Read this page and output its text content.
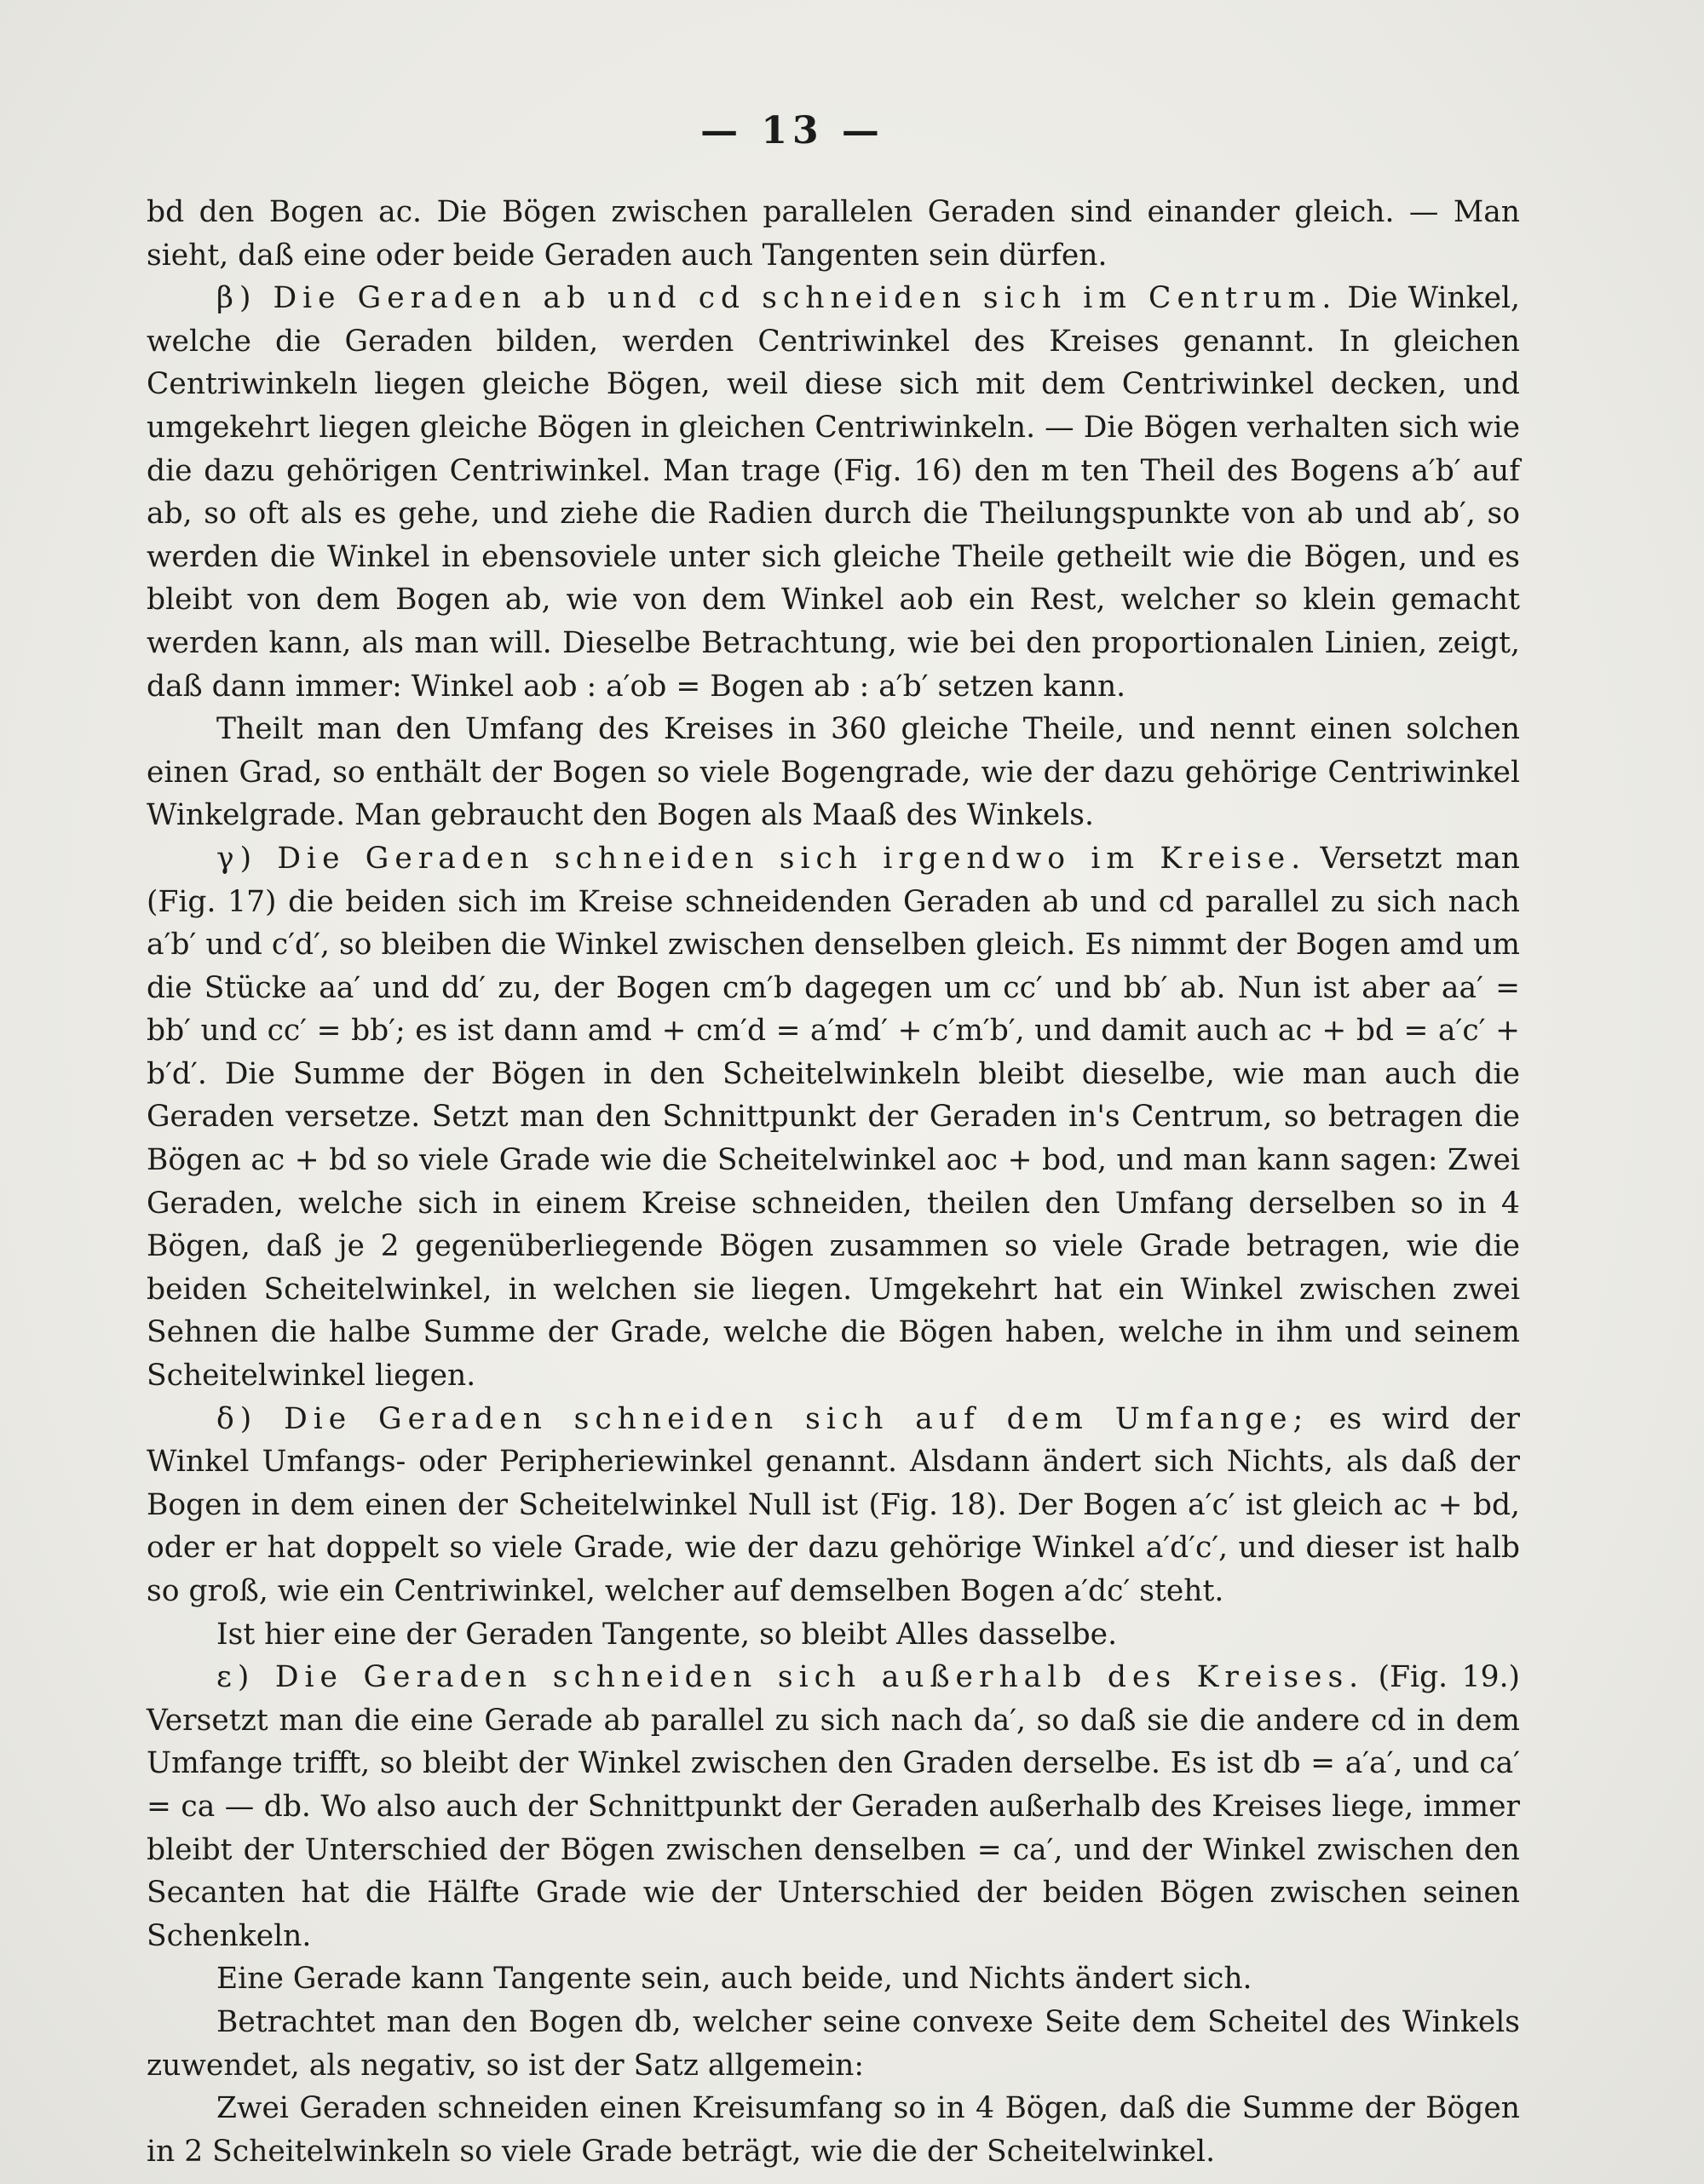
— 13 —

bd den Bogen ac. Die Bögen zwischen parallelen Geraden sind einander gleich. — Man sieht, daß eine oder beide Geraden auch Tangenten sein dürfen.

β) Die Geraden ab und cd schneiden sich im Centrum. Die Winkel, welche die Geraden bilden, werden Centriwinkel des Kreises genannt. In gleichen Centriwinkeln liegen gleiche Bögen, weil diese sich mit dem Centriwinkel decken, und umgekehrt liegen gleiche Bögen in gleichen Centriwinkeln. — Die Bögen verhalten sich wie die dazu gehörigen Centriwinkel. Man trage (Fig. 16) den m ten Theil des Bogens a′b′ auf ab, so oft als es gehe, und ziehe die Radien durch die Theilungspunkte von ab und ab′, so werden die Winkel in ebensoviele unter sich gleiche Theile getheilt wie die Bögen, und es bleibt von dem Bogen ab, wie von dem Winkel aob ein Rest, welcher so klein gemacht werden kann, als man will. Dieselbe Betrachtung, wie bei den proportionalen Linien, zeigt, daß dann immer: Winkel aob : a′ob = Bogen ab : a′b′ setzen kann.

Theilt man den Umfang des Kreises in 360 gleiche Theile, und nennt einen solchen einen Grad, so enthält der Bogen so viele Bogengrade, wie der dazu gehörige Centriwinkel Winkelgrade. Man gebraucht den Bogen als Maaß des Winkels.

γ) Die Geraden schneiden sich irgendwo im Kreise. Versetzt man (Fig. 17) die beiden sich im Kreise schneidenden Geraden ab und cd parallel zu sich nach a′b′ und c′d′, so bleiben die Winkel zwischen denselben gleich. Es nimmt der Bogen amd um die Stücke aa′ und dd′ zu, der Bogen cm′b dagegen um cc′ und bb′ ab. Nun ist aber aa′ = bb′ und cc′ = bb′; es ist dann amd + cm′d = a′md′ + c′m′b′, und damit auch ac + bd = a′c′ + b′d′. Die Summe der Bögen in den Scheitelwinkeln bleibt dieselbe, wie man auch die Geraden versetze. Setzt man den Schnittpunkt der Geraden in's Centrum, so betragen die Bögen ac + bd so viele Grade wie die Scheitelwinkel aoc + bod, und man kann sagen: Zwei Geraden, welche sich in einem Kreise schneiden, theilen den Umfang derselben so in 4 Bögen, daß je 2 gegenüberliegende Bögen zusammen so viele Grade betragen, wie die beiden Scheitelwinkel, in welchen sie liegen. Umgekehrt hat ein Winkel zwischen zwei Sehnen die halbe Summe der Grade, welche die Bögen haben, welche in ihm und seinem Scheitelwinkel liegen.

δ) Die Geraden schneiden sich auf dem Umfange; es wird der Winkel Umfangs- oder Peripheriewinkel genannt. Alsdann ändert sich Nichts, als daß der Bogen in dem einen der Scheitelwinkel Null ist (Fig. 18). Der Bogen a′c′ ist gleich ac + bd, oder er hat doppelt so viele Grade, wie der dazu gehörige Winkel a′d′c′, und dieser ist halb so groß, wie ein Centriwinkel, welcher auf demselben Bogen a′dc′ steht.

Ist hier eine der Geraden Tangente, so bleibt Alles dasselbe.

ε) Die Geraden schneiden sich außerhalb des Kreises. (Fig. 19.) Versetzt man die eine Gerade ab parallel zu sich nach da′, so daß sie die andere cd in dem Umfange trifft, so bleibt der Winkel zwischen den Graden derselbe. Es ist db = a′a′, und ca′ = ca — db. Wo also auch der Schnittpunkt der Geraden außerhalb des Kreises liege, immer bleibt der Unterschied der Bögen zwischen denselben = ca′, und der Winkel zwischen den Secanten hat die Hälfte Grade wie der Unterschied der beiden Bögen zwischen seinen Schenkeln.

Eine Gerade kann Tangente sein, auch beide, und Nichts ändert sich.

Betrachtet man den Bogen db, welcher seine convexe Seite dem Scheitel des Winkels zuwendet, als negativ, so ist der Satz allgemein:

Zwei Geraden schneiden einen Kreisumfang so in 4 Bögen, daß die Summe der Bögen in 2 Scheitelwinkeln so viele Grade beträgt, wie die der Scheitelwinkel.
